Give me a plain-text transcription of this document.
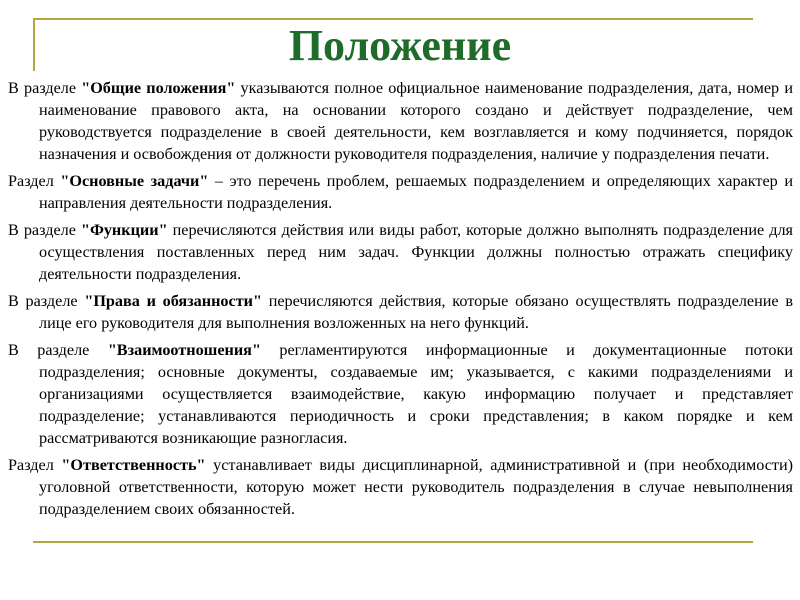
Положение

В разделе "Общие положения" указываются полное официальное наименование подразделения, дата, номер и наименование правового акта, на основании которого создано и действует подразделение, чем руководствуется подразделение в своей деятельности, кем возглавляется и кому подчиняется, порядок назначения и освобождения от должности руководителя подразделения, наличие у подразделения печати.

Раздел "Основные задачи" – это перечень проблем, решаемых подразделением и определяющих характер и направления деятельности подразделения.

В разделе "Функции" перечисляются действия или виды работ, которые должно выполнять подразделение для осуществления поставленных перед ним задач. Функции должны полностью отражать специфику деятельности подразделения.

В разделе "Права и обязанности" перечисляются действия, которые обязано осуществлять подразделение в лице его руководителя для выполнения возложенных на него функций.

В разделе "Взаимоотношения" регламентируются информационные и документационные потоки подразделения; основные документы, создаваемые им; указывается, с какими подразделениями и организациями осуществляется взаимодействие, какую информацию получает и представляет подразделение; устанавливаются периодичность и сроки представления; в каком порядке и кем рассматриваются возникающие разногласия.

Раздел "Ответственность" устанавливает виды дисциплинарной, административной и (при необходимости) уголовной ответственности, которую может нести руководитель подразделения в случае невыполнения подразделением своих обязанностей.
